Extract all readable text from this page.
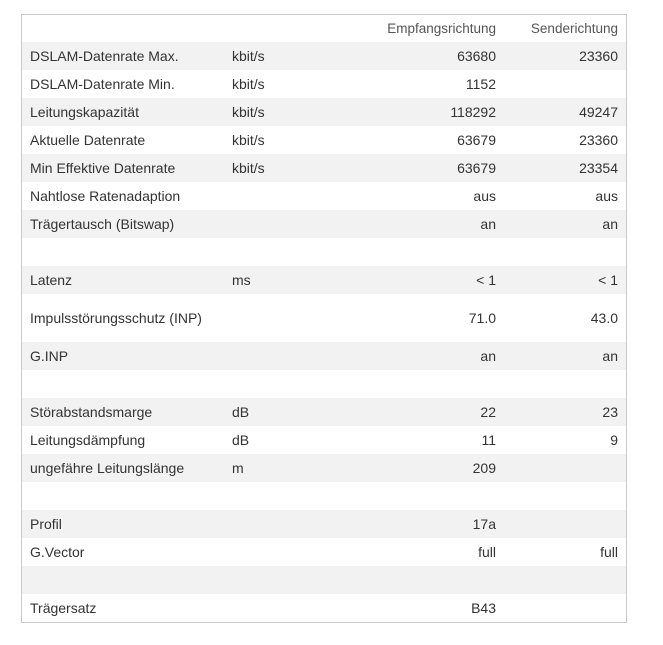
		Empfangsrichtung	Senderichtung
DSLAM-Datenrate Max.	kbit/s	63680	23360
DSLAM-Datenrate Min.	kbit/s	1152	
Leitungskapazität	kbit/s	118292	49247
Aktuelle Datenrate	kbit/s	63679	23360
Min Effektive Datenrate	kbit/s	63679	23354
Nahtlose Ratenadaption		aus	aus
Trägertausch (Bitswap)		an	an

Latenz	ms	< 1	< 1
Impulsstörungsschutz (INP)		71.0	43.0
G.INP		an	an

Störabstandsmarge	dB	22	23
Leitungsdämpfung	dB	11	9
ungefähre Leitungslänge	m	209	

Profil		17a	
G.Vector		full	full

Trägersatz		B43	
